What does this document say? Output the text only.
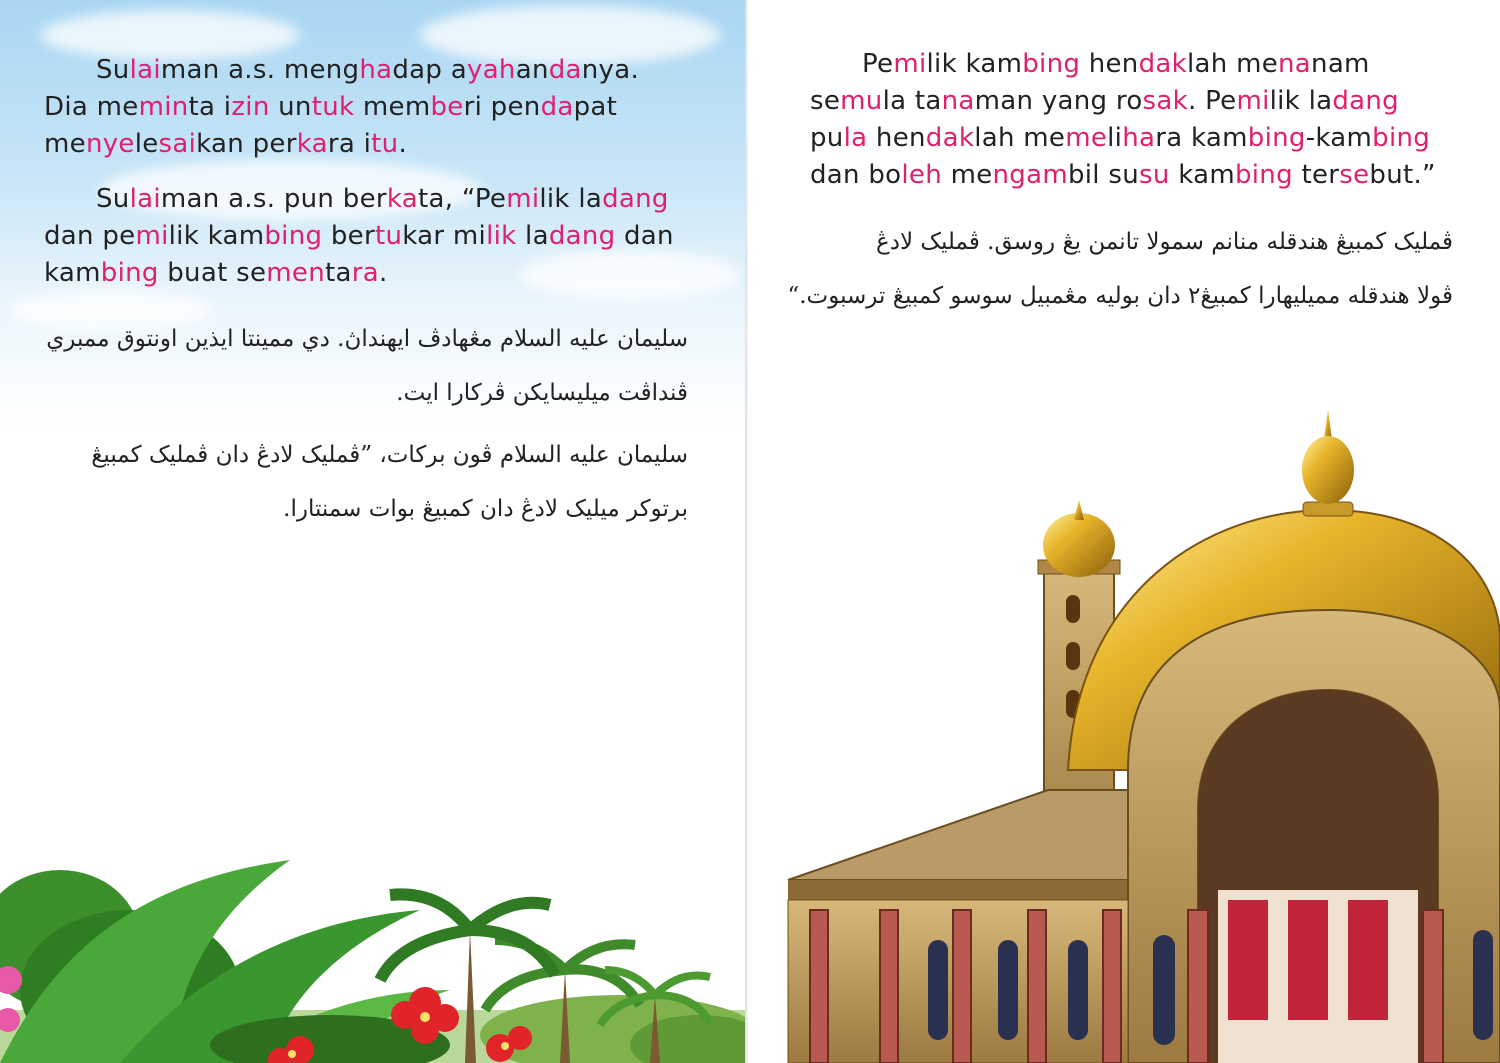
Sulaiman a.s. menghadap ayahandanya.
Dia meminta izin untuk memberi pendapat
menyelesaikan perkara itu.
Sulaiman a.s. pun berkata, “Pemilik ladang
dan pemilik kambing bertukar milik ladang dan
kambing buat sementara.
سليمان عليه السلام مڠهادڤ ايهنداڽ. دي ممينتا ايذين اونتوق ممبري
ڤنداڤت ميليسايكن ڤركارا ايت.
سليمان عليه السلام ڤون بركات، ”ڤمليک لادڠ دان ڤمليک كمبيڠ
برتوكر ميليک لادڠ دان كمبيڠ بوات سمنتارا.
Pemilik kambing hendaklah menanam
semula tanaman yang rosak. Pemilik ladang
pula hendaklah memelihara kambing-kambing
dan boleh mengambil susu kambing tersebut.”
ڤمليک كمبيڠ هندقله منانم سمولا تانمن يڠ روسق. ڤمليک لادڠ
ڤولا هندقله مميليهارا كمبيڠ٢ دان بوليه مڠمبيل سوسو كمبيڠ ترسبوت.“
